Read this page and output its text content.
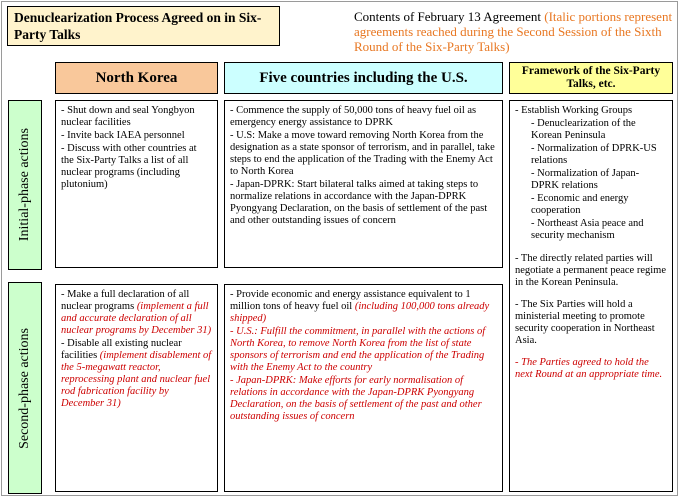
Denuclearization Process Agreed on in Six-Party Talks
Contents of February 13 Agreement (Italic portions represent agreements reached during the Second Session of the Sixth Round of the Six-Party Talks)
North Korea	Five countries including the U.S.	Framework of the Six-Party Talks, etc.
Initial-phase actions
Second-phase actions
- Shut down and seal Yongbyon nuclear facilities
- Invite back IAEA personnel
- Discuss with other countries at the Six-Party Talks a list of all nuclear programs (including plutonium)
- Commence the supply of 50,000 tons of heavy fuel oil as emergency energy assistance to DPRK
- U.S: Make a move toward removing North Korea from the designation as a state sponsor of terrorism, and in parallel, take steps to end the application of the Trading with the Enemy Act to North Korea
- Japan-DPRK: Start bilateral talks aimed at taking steps to normalize relations in accordance with the Japan-DPRK Pyongyang Declaration, on the basis of settlement of the past and other outstanding issues of concern
- Make a full declaration of all nuclear programs (implement a full and accurate declaration of all nuclear programs by December 31)
- Disable all existing nuclear facilities (implement disablement of the 5-megawatt reactor, reprocessing plant and nuclear fuel rod fabrication facility by December 31)
- Provide economic and energy assistance equivalent to 1 million tons of heavy fuel oil (including 100,000 tons already shipped)
- U.S.: Fulfill the commitment, in parallel with the actions of North Korea, to remove North Korea from the list of state sponsors of terrorism and end the application of the Trading with the Enemy Act to the country
- Japan-DPRK: Make efforts for early normalisation of relations in accordance with the Japan-DPRK Pyongyang Declaration, on the basis of settlement of the past and other outstanding issues of concern
- Establish Working Groups
- Denuclearization of the Korean Peninsula
- Normalization of DPRK-US relations
- Normalization of Japan-DPRK relations
- Economic and energy cooperation
- Northeast Asia peace and security mechanism
- The directly related parties will negotiate a permanent peace regime in the Korean Peninsula.
- The Six Parties will hold a ministerial meeting to promote security cooperation in Northeast Asia.
- The Parties agreed to hold the next Round at an appropriate time.
